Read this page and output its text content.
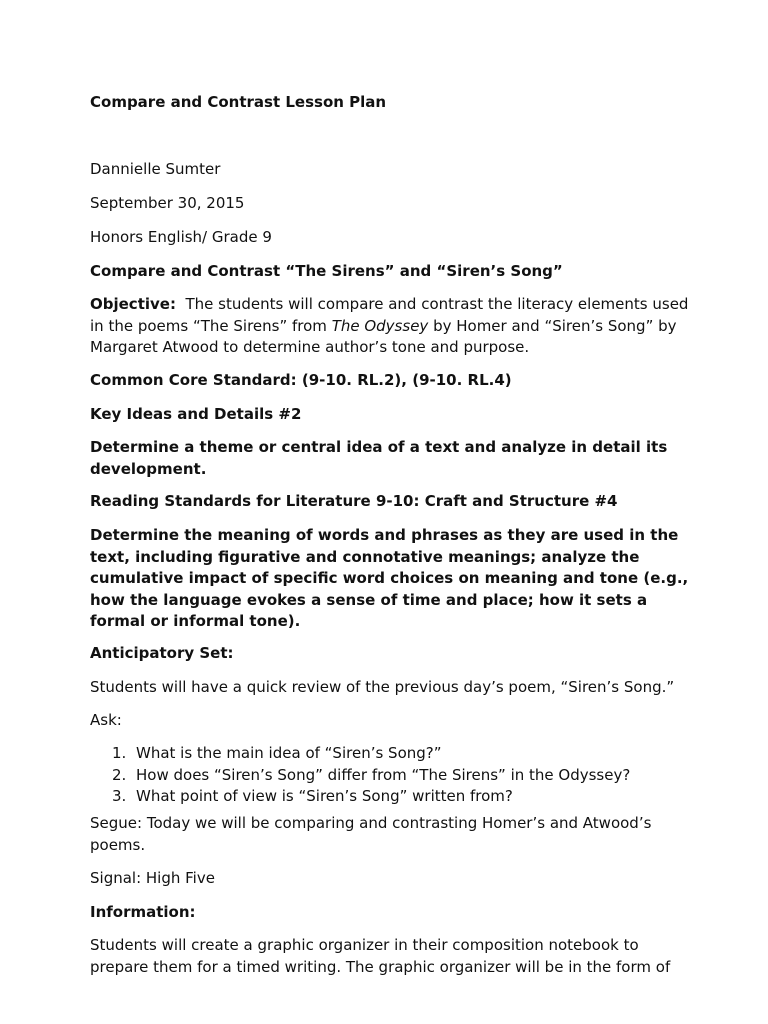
Compare and Contrast Lesson Plan

Dannielle Sumter

September 30, 2015

Honors English/ Grade 9

Compare and Contrast “The Sirens” and “Siren’s Song”

Objective: The students will compare and contrast the literacy elements used in the poems “The Sirens” from The Odyssey by Homer and “Siren’s Song” by Margaret Atwood to determine author’s tone and purpose.

Common Core Standard: (9-10. RL.2), (9-10. RL.4)

Key Ideas and Details #2

Determine a theme or central idea of a text and analyze in detail its development.

Reading Standards for Literature 9-10: Craft and Structure #4

Determine the meaning of words and phrases as they are used in the text, including figurative and connotative meanings; analyze the cumulative impact of specific word choices on meaning and tone (e.g., how the language evokes a sense of time and place; how it sets a formal or informal tone).

Anticipatory Set:

Students will have a quick review of the previous day’s poem, “Siren’s Song.”

Ask:

1. What is the main idea of “Siren’s Song?”
2. How does “Siren’s Song” differ from “The Sirens” in the Odyssey?
3. What point of view is “Siren’s Song” written from?

Segue: Today we will be comparing and contrasting Homer’s and Atwood’s poems.

Signal: High Five

Information:

Students will create a graphic organizer in their composition notebook to prepare them for a timed writing. The graphic organizer will be in the form of
